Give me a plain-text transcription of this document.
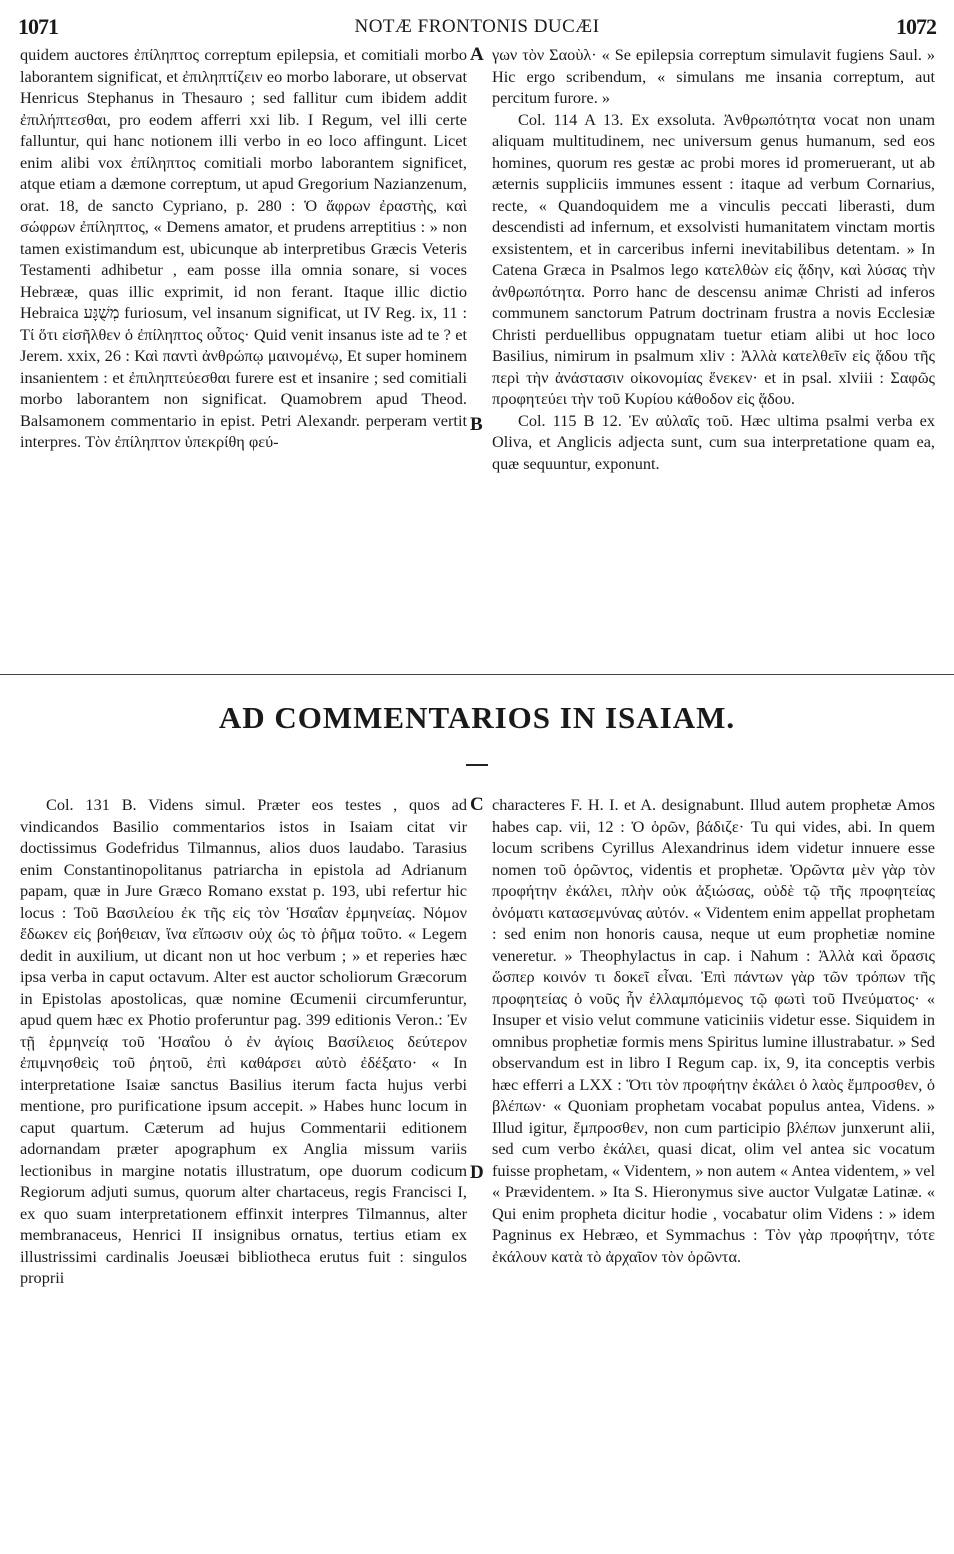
1071	NOTÆ FRONTONIS DUCÆI	1072

quidem auctores ἐπίληπτος correptum epilepsia, et comitiali morbo laborantem significat, et ἐπιληπτίζειν eo morbo laborare, ut observat Henricus Stephanus in Thesauro ; sed fallitur cum ibidem addit ἐπιλήπτεσθαι, pro eodem afferri xxi lib. I Regum, vel illi certe falluntur, qui hanc notionem illi verbo in eo loco affingunt. Licet enim alibi vox ἐπίληπτος comitiali morbo laborantem significet, atque etiam a dæmone correptum, ut apud Gregorium Nazianzenum, orat. 18, de sancto Cypriano, p. 280 : Ὁ ἄφρων ἐραστὴς, καὶ σώφρων ἐπίληπτος, « Demens amator, et prudens arreptitius : » non tamen existimandum est, ubicunque ab interpretibus Græcis Veteris Testamenti adhibetur , eam posse illa omnia sonare, si voces Hebrææ, quas illic exprimit, id non ferant. Itaque illic dictio Hebraica מְשֻׁגָּע furiosum, vel insanum significat, ut IV Reg. ix, 11 : Τί ὅτι εἰσῆλθεν ὁ ἐπίληπτος οὗτος· Quid venit insanus iste ad te ? et Jerem. xxix, 26 : Καὶ παντὶ ἀνθρώπῳ μαινομένῳ, Et super hominem insanientem : et ἐπιληπτεύεσθαι furere est et insanire ; sed comitiali morbo laborantem non significat. Quamobrem apud Theod. Balsamonem commentario in epist. Petri Alexandr. perperam vertit interpres. Τὸν ἐπίληπτον ὑπεκρίθη φεύ-

A γων τὸν Σαοὺλ· « Se epilepsia correptum simulavit fugiens Saul. » Hic ergo scribendum, « simulans me insania correptum, aut percitum furore. »

Col. 114 A 13. Ex exsoluta. Ἀνθρωπότητα vocat non unam aliquam multitudinem, nec universum genus humanum, sed eos homines, quorum res gestæ ac probi mores id promeruerant, ut ab æternis suppliciis immunes essent : itaque ad verbum Cornarius, recte, « Quandoquidem me a vinculis peccati liberasti, dum descendisti ad infernum, et exsolvisti humanitatem vinctam mortis exsistentem, et in carceribus inferni inevitabilibus detentam. » In Catena Græca in Psalmos lego κατελθὼν εἰς ᾅδην, καὶ λύσας τὴν ἀνθρωπότητα. Porro hanc de descensu animæ Christi ad inferos communem sanctorum Patrum doctrinam frustra a novis Ecclesiæ Christi perduellibus oppugnatam tuetur etiam alibi ut hoc loco Basilius, nimirum in psalmum xliv : Ἀλλὰ κατελθεῖν εἰς ᾅδου τῆς περὶ τὴν ἀνάστασιν οἰκονομίας ἕνεκεν· et in psal. xlviii : Σαφῶς προφητεύει τὴν τοῦ Κυρίου κάθοδον εἰς ᾅδου.

Col. 115 B 12. Ἐν αὐλαῖς τοῦ. Hæc ultima psalmi verba ex Oliva, et Anglicis adjecta sunt, cum sua interpretatione quam ea, quæ sequuntur, exponunt.

B
AD COMMENTARIOS IN ISAIAM.

Col. 131 B. Videns simul. Præter eos testes , quos ad vindicandos Basilio commentarios istos in Isaiam citat vir doctissimus Godefridus Tilmannus, alios duos laudabo. Tarasius enim Constantinopolitanus patriarcha in epistola ad Adrianum papam, quæ in Jure Græco Romano exstat p. 193, ubi refertur hic locus : Τοῦ Βασιλείου ἐκ τῆς εἰς τὸν Ἡσαΐαν ἑρμηνείας. Νόμον ἔδωκεν εἰς βοήθειαν, ἵνα εἴπωσιν οὐχ ὡς τὸ ῥῆμα τοῦτο. « Legem dedit in auxilium, ut dicant non ut hoc verbum ; » et reperies hæc ipsa verba in caput octavum. Alter est auctor scholiorum Græcorum in Epistolas apostolicas, quæ nomine Œcumenii circumferuntur, apud quem hæc ex Photio proferuntur pag. 399 editionis Veron.: Ἐν τῇ ἑρμηνείᾳ τοῦ Ἡσαΐου ὁ ἐν ἁγίοις Βασίλειος δεύτερον ἐπιμνησθεὶς τοῦ ῥητοῦ, ἐπὶ καθάρσει αὐτὸ ἐδέξατο· « In interpretatione Isaiæ sanctus Basilius iterum facta hujus verbi mentione, pro purificatione ipsum accepit. » Habes hunc locum in caput quartum. Cæterum ad hujus Commentarii editionem adornandam præter apographum ex Anglia missum variis lectionibus in margine notatis illustratum, ope duorum codicum Regiorum adjuti sumus, quorum alter chartaceus, regis Francisci I, ex quo suam interpretationem effinxit interpres Tilmannus, alter membranaceus, Henrici II insignibus ornatus, tertius etiam ex illustrissimi cardinalis Joeusæi bibliotheca erutus fuit : singulos proprii

C characteres F. H. I. et A. designabunt. Illud autem prophetæ Amos habes cap. vii, 12 : Ὁ ὁρῶν, βάδιζε· Tu qui vides, abi. In quem locum scribens Cyrillus Alexandrinus idem videtur innuere esse nomen τοῦ ὁρῶντος, videntis et prophetæ. Ὁρῶντα μὲν γὰρ τὸν προφήτην ἐκάλει, πλὴν οὐκ ἀξιώσας, οὐδὲ τῷ τῆς προφητείας ὀνόματι κατασεμνύνας αὐτόν. « Videntem enim appellat prophetam : sed enim non honoris causa, neque ut eum prophetiæ nomine veneretur. » Theophylactus in cap. i Nahum : Ἀλλὰ καὶ ὅρασις ὥσπερ κοινόν τι δοκεῖ εἶναι. Ἐπὶ πάντων γὰρ τῶν τρόπων τῆς προφητείας ὁ νοῦς ἦν ἐλλαμπόμενος τῷ φωτὶ τοῦ Πνεύματος· « Insuper et visio velut commune vaticiniis videtur esse. Siquidem in omnibus prophetiæ formis mens Spiritus lumine illustrabatur. » Sed observandum est in libro I Regum cap. ix, 9, ita conceptis verbis hæc efferri a LXX : Ὅτι τὸν προφήτην ἐκάλει ὁ λαὸς ἔμπροσθεν, ὁ βλέπων· « Quoniam prophetam vocabat populus antea, Videns. » Illud igitur, ἔμπροσθεν, non cum participio βλέπων junxerunt alii, sed cum verbo ἐκάλει, quasi dicat, olim vel antea sic vocatum fuisse prophetam, « Videntem, » non autem « Antea videntem, » vel « Prævidentem. » Ita S. Hieronymus sive auctor Vulgatæ Latinæ. « Qui enim propheta dicitur hodie , vocabatur olim Videns : » idem Pagninus ex Hebræo, et Symmachus : Τὸν γὰρ προφήτην, τότε ἐκάλουν κατὰ τὸ ἀρχαῖον τὸν ὁρῶντα.

D
